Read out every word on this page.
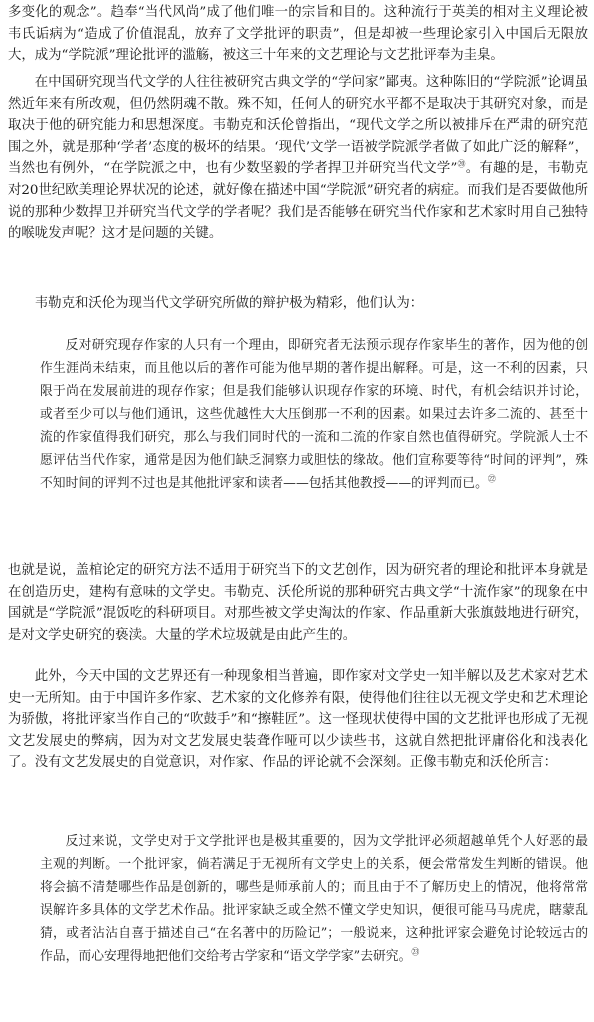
多变化的观念”。趋奉“当代风尚”成了他们唯一的宗旨和目的。这种流行于英美的相对主义理论被韦氏诟病为“造成了价值混乱，放弃了文学批评的职责”，但是却被一些理论家引入中国后无限放大，成为“学院派”理论批评的滥觞，被这三十年来的文艺理论与文艺批评奉为圭臬。

在中国研究现当代文学的人往往被研究古典文学的“学问家”鄙夷。这种陈旧的“学院派”论调虽然近年来有所改观，但仍然阴魂不散。殊不知，任何人的研究水平都不是取决于其研究对象，而是取决于他的研究能力和思想深度。韦勒克和沃伦曾指出，“现代文学之所以被排斥在严肃的研究范围之外，就是那种‘学者’态度的极坏的结果。‘现代’文学一语被学院派学者做了如此广泛的解释”，当然也有例外，“在学院派之中，也有少数坚毅的学者捍卫并研究当代文学”⑳。有趣的是，韦勒克对20世纪欧美理论界状况的论述，就好像在描述中国“学院派”研究者的病症。而我们是否要做他所说的那种少数捍卫并研究当代文学的学者呢？我们是否能够在研究当代作家和艺术家时用自己独特的喉咙发声呢？这才是问题的关键。

韦勒克和沃伦为现当代文学研究所做的辩护极为精彩，他们认为：

反对研究现存作家的人只有一个理由，即研究者无法预示现存作家毕生的著作，因为他的创作生涯尚未结束，而且他以后的著作可能为他早期的著作提出解释。可是，这一不利的因素，只限于尚在发展前进的现存作家；但是我们能够认识现存作家的环境、时代，有机会结识并讨论，或者至少可以与他们通讯，这些优越性大大压倒那一不利的因素。如果过去许多二流的、甚至十流的作家值得我们研究，那么与我们同时代的一流和二流的作家自然也值得研究。学院派人士不愿评估当代作家，通常是因为他们缺乏洞察力或胆怯的缘故。他们宣称要等待“时间的评判”，殊不知时间的评判不过也是其他批评家和读者——包括其他教授——的评判而已。$^㉒$

也就是说，盖棺论定的研究方法不适用于研究当下的文艺创作，因为研究者的理论和批评本身就是在创造历史，建构有意味的文学史。韦勒克、沃伦所说的那种研究古典文学“十流作家”的现象在中国就是“学院派”混饭吃的科研项目。对那些被文学史淘汰的作家、作品重新大张旗鼓地进行研究，是对文学史研究的亵渎。大量的学术垃圾就是由此产生的。

此外，今天中国的文艺界还有一种现象相当普遍，即作家对文学史一知半解以及艺术家对艺术史一无所知。由于中国许多作家、艺术家的文化修养有限，使得他们往往以无视文学史和艺术理论为骄傲，将批评家当作自己的“吹鼓手”和“擦鞋匠”。这一怪现状使得中国的文艺批评也形成了无视文艺发展史的弊病，因为对文艺发展史装聋作哑可以少读些书，这就自然把批评庸俗化和浅表化了。没有文艺发展史的自觉意识，对作家、作品的评论就不会深刻。正像韦勒克和沃伦所言：

反过来说，文学史对于文学批评也是极其重要的，因为文学批评必须超越单凭个人好恶的最主观的判断。一个批评家，倘若满足于无视所有文学史上的关系，便会常常发生判断的错误。他将会搞不清楚哪些作品是创新的，哪些是师承前人的；而且由于不了解历史上的情况，他将常常误解许多具体的文学艺术作品。批评家缺乏或全然不懂文学史知识，便很可能马马虎虎，瞎蒙乱猜，或者沾沾自喜于描述自己“在名著中的历险记”；一般说来，这种批评家会避免讨论较远古的作品，而心安理得地把他们交给考古学家和“语文学学家”去研究。$^㉓$
